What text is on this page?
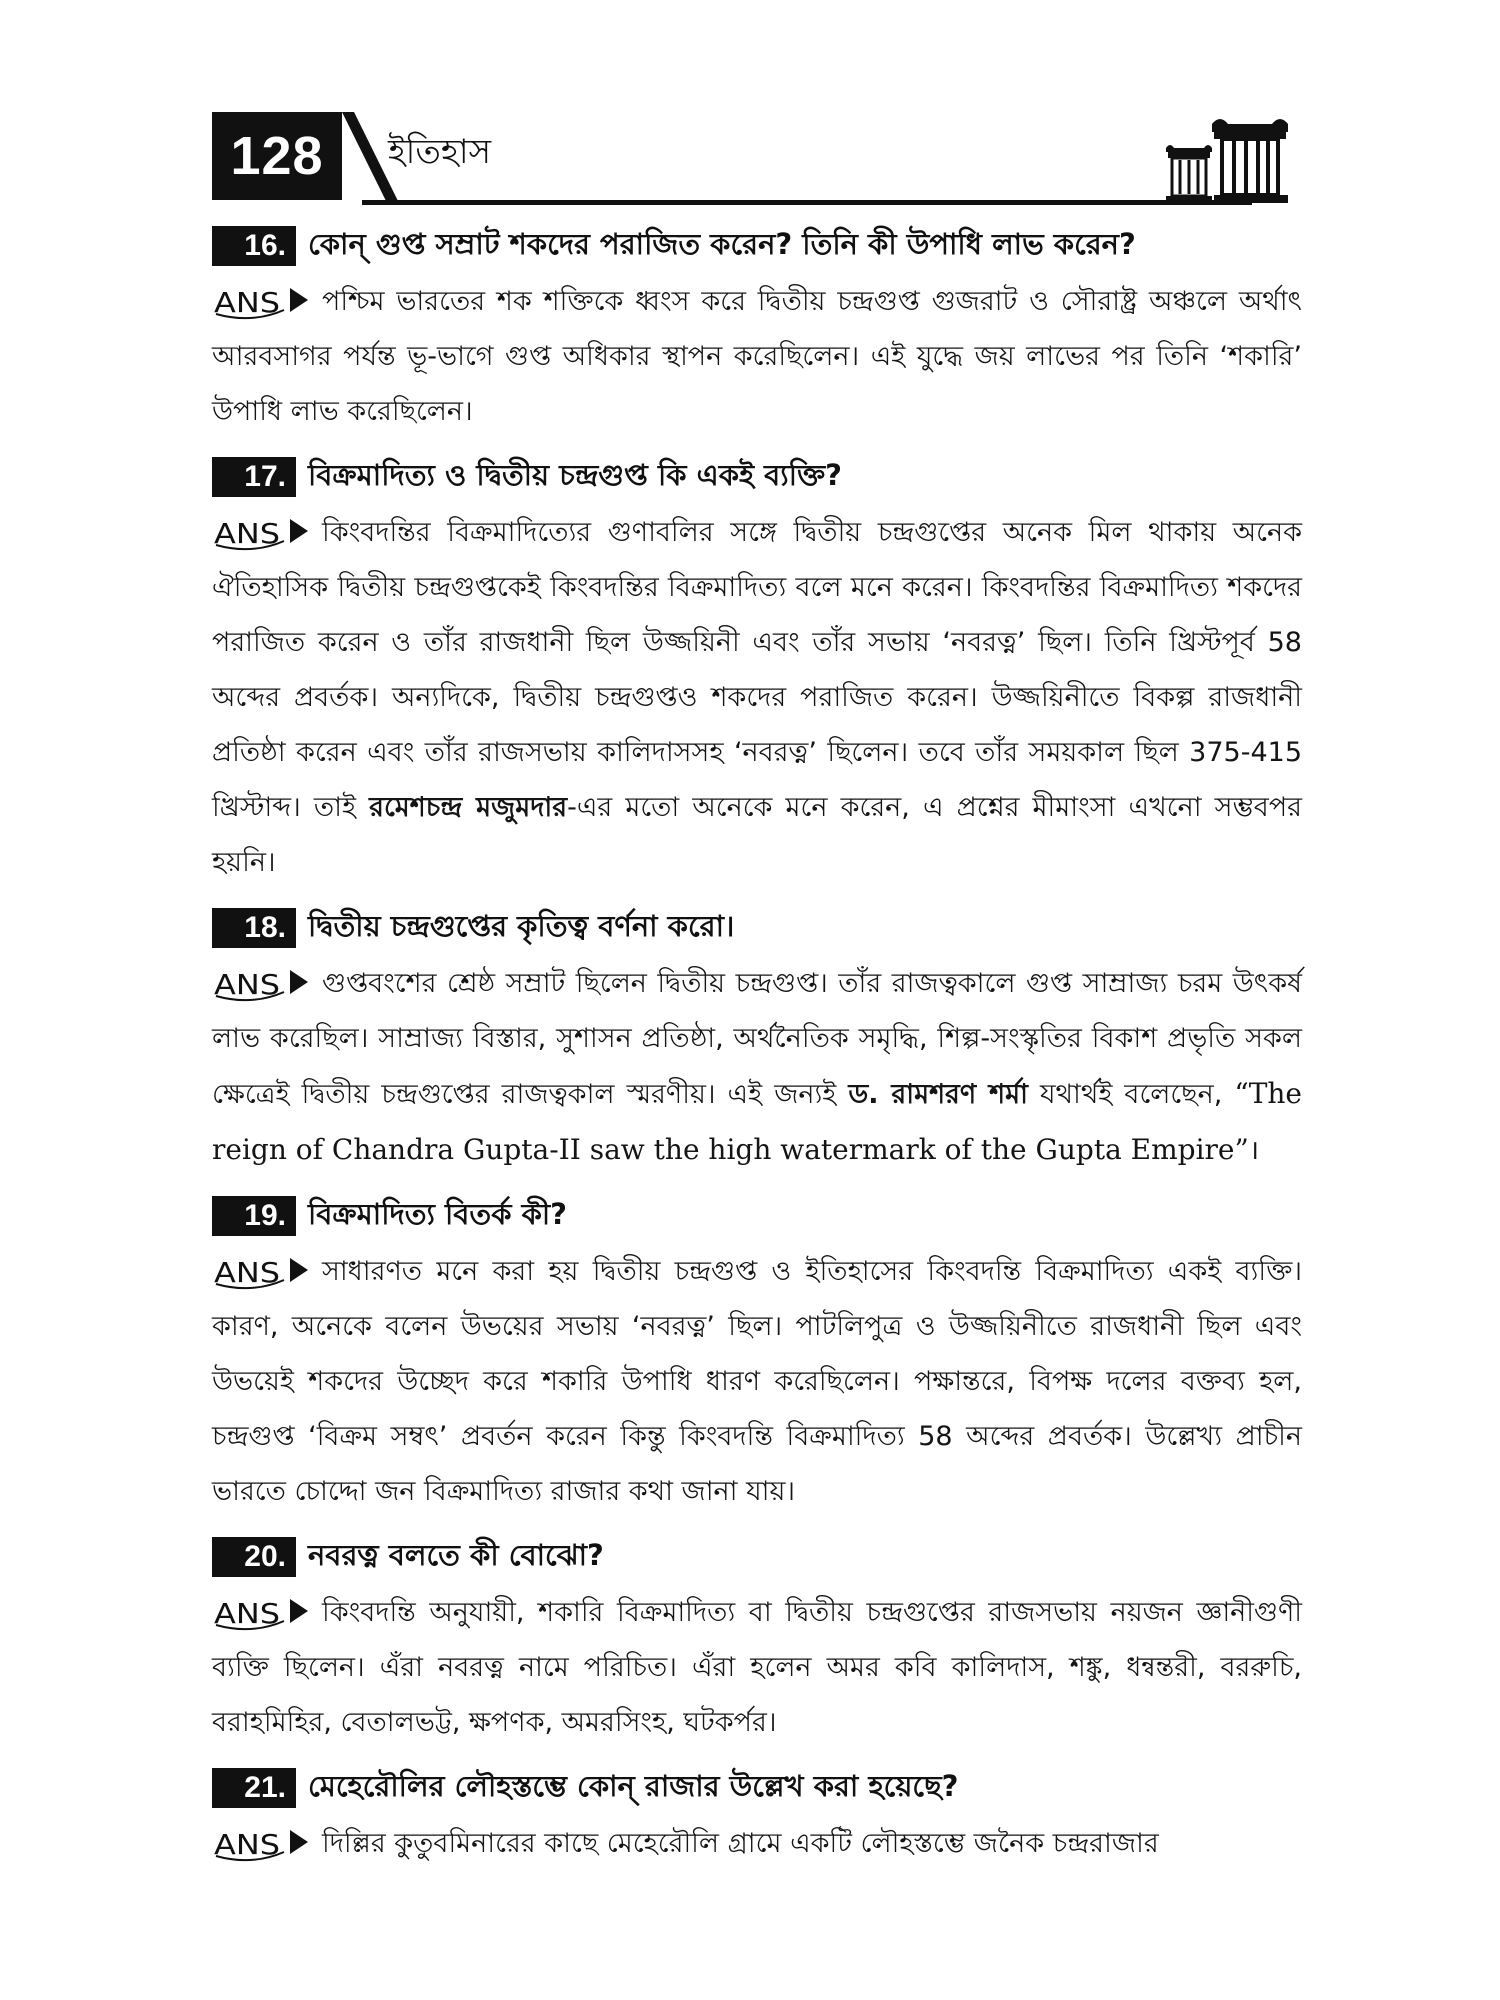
128	ইতিহাস
16. কোন্ গুপ্ত সম্রাট শকদের পরাজিত করেন? তিনি কী উপাধি লাভ করেন?
ANS পশ্চিম ভারতের শক শক্তিকে ধ্বংস করে দ্বিতীয় চন্দ্রগুপ্ত গুজরাট ও সৌরাষ্ট্র অঞ্চলে অর্থাৎ আরবসাগর পর্যন্ত ভূ-ভাগে গুপ্ত অধিকার স্থাপন করেছিলেন। এই যুদ্ধে জয় লাভের পর তিনি ‘শকারি’ উপাধি লাভ করেছিলেন।
17. বিক্রমাদিত্য ও দ্বিতীয় চন্দ্রগুপ্ত কি একই ব্যক্তি?
ANS কিংবদন্তির বিক্রমাদিত্যের গুণাবলির সঙ্গে দ্বিতীয় চন্দ্রগুপ্তের অনেক মিল থাকায় অনেক ঐতিহাসিক দ্বিতীয় চন্দ্রগুপ্তকেই কিংবদন্তির বিক্রমাদিত্য বলে মনে করেন। কিংবদন্তির বিক্রমাদিত্য শকদের পরাজিত করেন ও তাঁর রাজধানী ছিল উজ্জয়িনী এবং তাঁর সভায় ‘নবরত্ন’ ছিল। তিনি খ্রিস্টপূর্ব 58 অব্দের প্রবর্তক। অন্যদিকে, দ্বিতীয় চন্দ্রগুপ্তও শকদের পরাজিত করেন। উজ্জয়িনীতে বিকল্প রাজধানী প্রতিষ্ঠা করেন এবং তাঁর রাজসভায় কালিদাসসহ ‘নবরত্ন’ ছিলেন। তবে তাঁর সময়কাল ছিল 375-415 খ্রিস্টাব্দ। তাই রমেশচন্দ্র মজুমদার-এর মতো অনেকে মনে করেন, এ প্রশ্নের মীমাংসা এখনো সম্ভবপর হয়নি।
18. দ্বিতীয় চন্দ্রগুপ্তের কৃতিত্ব বর্ণনা করো।
ANS গুপ্তবংশের শ্রেষ্ঠ সম্রাট ছিলেন দ্বিতীয় চন্দ্রগুপ্ত। তাঁর রাজত্বকালে গুপ্ত সাম্রাজ্য চরম উৎকর্ষ লাভ করেছিল। সাম্রাজ্য বিস্তার, সুশাসন প্রতিষ্ঠা, অর্থনৈতিক সমৃদ্ধি, শিল্প-সংস্কৃতির বিকাশ প্রভৃতি সকল ক্ষেত্রেই দ্বিতীয় চন্দ্রগুপ্তের রাজত্বকাল স্মরণীয়। এই জন্যই ড. রামশরণ শর্মা যথার্থই বলেছেন, “The reign of Chandra Gupta-II saw the high watermark of the Gupta Empire”।
19. বিক্রমাদিত্য বিতর্ক কী?
ANS সাধারণত মনে করা হয় দ্বিতীয় চন্দ্রগুপ্ত ও ইতিহাসের কিংবদন্তি বিক্রমাদিত্য একই ব্যক্তি। কারণ, অনেকে বলেন উভয়ের সভায় ‘নবরত্ন’ ছিল। পাটলিপুত্র ও উজ্জয়িনীতে রাজধানী ছিল এবং উভয়েই শকদের উচ্ছেদ করে শকারি উপাধি ধারণ করেছিলেন। পক্ষান্তরে, বিপক্ষ দলের বক্তব্য হল, চন্দ্রগুপ্ত ‘বিক্রম সম্বৎ’ প্রবর্তন করেন কিন্তু কিংবদন্তি বিক্রমাদিত্য 58 অব্দের প্রবর্তক। উল্লেখ্য প্রাচীন ভারতে চোদ্দো জন বিক্রমাদিত্য রাজার কথা জানা যায়।
20. নবরত্ন বলতে কী বোঝো?
ANS কিংবদন্তি অনুযায়ী, শকারি বিক্রমাদিত্য বা দ্বিতীয় চন্দ্রগুপ্তের রাজসভায় নয়জন জ্ঞানীগুণী ব্যক্তি ছিলেন। এঁরা নবরত্ন নামে পরিচিত। এঁরা হলেন অমর কবি কালিদাস, শঙ্কু, ধন্বন্তরী, বররুচি, বরাহমিহির, বেতালভট্ট, ক্ষপণক, অমরসিংহ, ঘটকর্পর।
21. মেহেরৌলির লৌহস্তম্ভে কোন্ রাজার উল্লেখ করা হয়েছে?
ANS দিল্লির কুতুবমিনারের কাছে মেহেরৌলি গ্রামে একটি লৌহস্তম্ভে জনৈক চন্দ্ররাজার
